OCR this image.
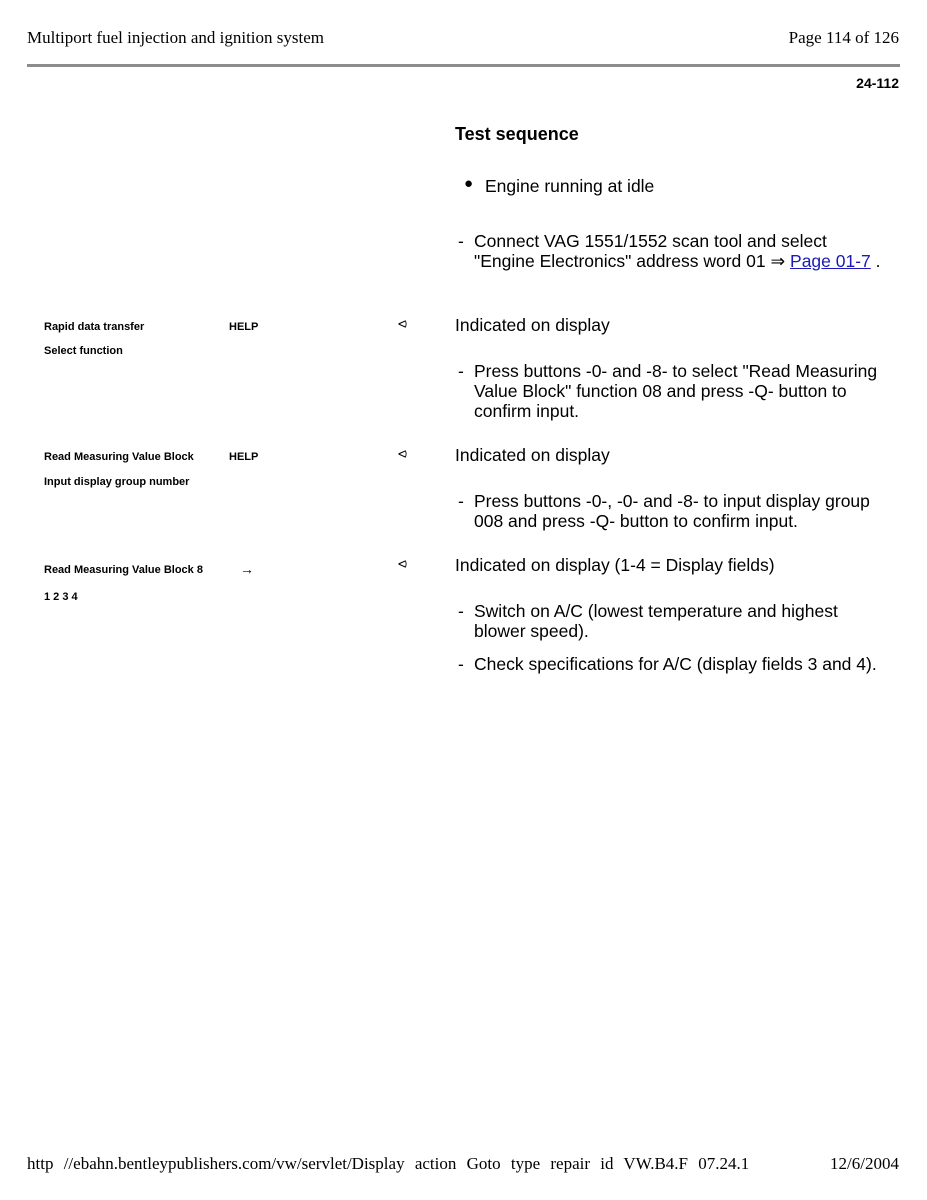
Multiport fuel injection and ignition system	Page 114 of 126
24-112
Test sequence
● Engine running at idle
- Connect VAG 1551/1552 scan tool and select "Engine Electronics" address word 01 ⇒ Page 01-7 .
Rapid data transfer	HELP
Select function
⪦	Indicated on display
- Press buttons -0- and -8- to select "Read Measuring Value Block" function 08 and press -Q- button to confirm input.
Read Measuring Value Block	HELP
Input display group number
⪦	Indicated on display
- Press buttons -0-, -0- and -8- to input display group 008 and press -Q- button to confirm input.
Read Measuring Value Block 8	→
1 2 3 4
⪦	Indicated on display (1-4 = Display fields)
- Switch on A/C (lowest temperature and highest blower speed).
- Check specifications for A/C (display fields 3 and 4).
http //ebahn.bentleypublishers.com/vw/servlet/Display action Goto type repair id VW.B4.F 07.24.1	12/6/2004
